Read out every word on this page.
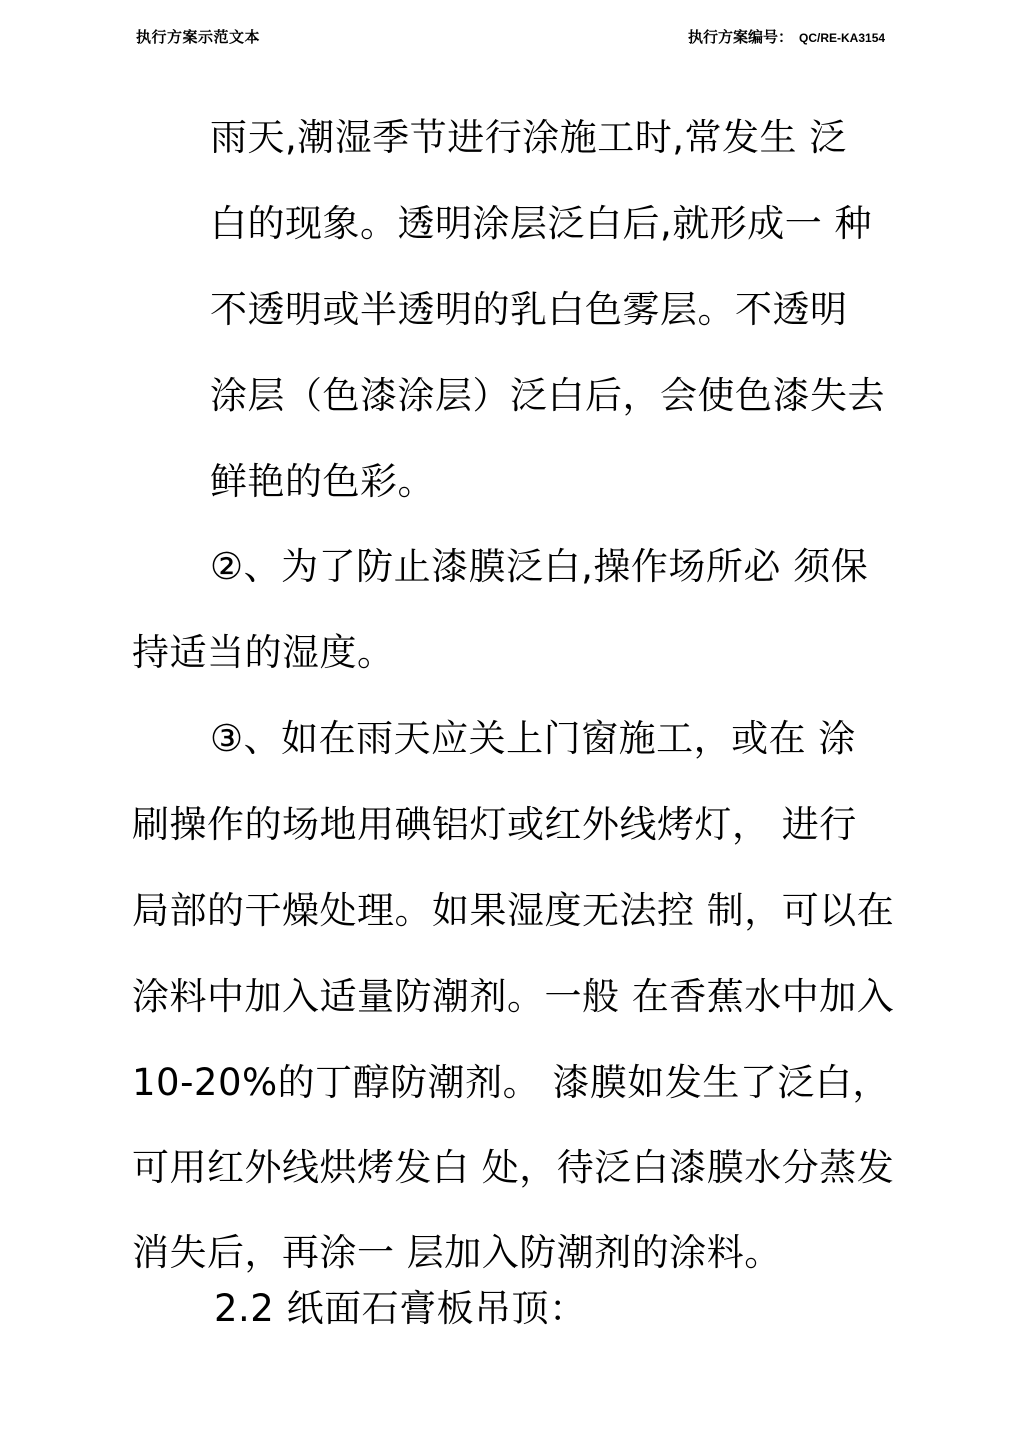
执行方案示范文本	执行方案编号： QC/RE-KA3154
雨天,潮湿季节进行涂施工时,常发生 泛
白的现象。透明涂层泛白后,就形成一 种
不透明或半透明的乳白色雾层。不透明
涂层（色漆涂层）泛白后，会使色漆失去
鲜艳的色彩。
②、为了防止漆膜泛白,操作场所必 须保
持适当的湿度。
③、如在雨天应关上门窗施工，或在 涂
刷操作的场地用碘铝灯或红外线烤灯， 进行
局部的干燥处理。如果湿度无法控 制，可以在
涂料中加入适量防潮剂。一般 在香蕉水中加入
10-20%的丁醇防潮剂。 漆膜如发生了泛白，
可用红外线烘烤发白 处，待泛白漆膜水分蒸发
消失后，再涂一 层加入防潮剂的涂料。
2.2 纸面石膏板吊顶：
